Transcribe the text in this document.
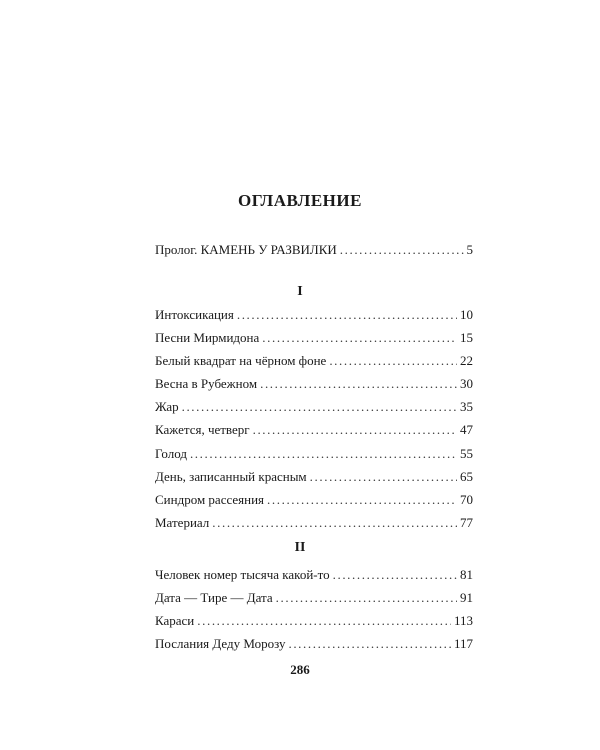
ОГЛАВЛЕНИЕ
Пролог. КАМЕНЬ У РАЗВИЛКИ .....	5
I
Интоксикация .....	10
Песни Мирмидона .....	15
Белый квадрат на чёрном фоне .....	22
Весна в Рубежном .....	30
Жар .....	35
Кажется, четверг .....	47
Голод .....	55
День, записанный красным .....	65
Синдром рассеяния .....	70
Материал .....	77
II
Человек номер тысяча какой-то .....	81
Дата — Тире — Дата .....	91
Караси .....	113
Послания Деду Морозу .....	117
286
